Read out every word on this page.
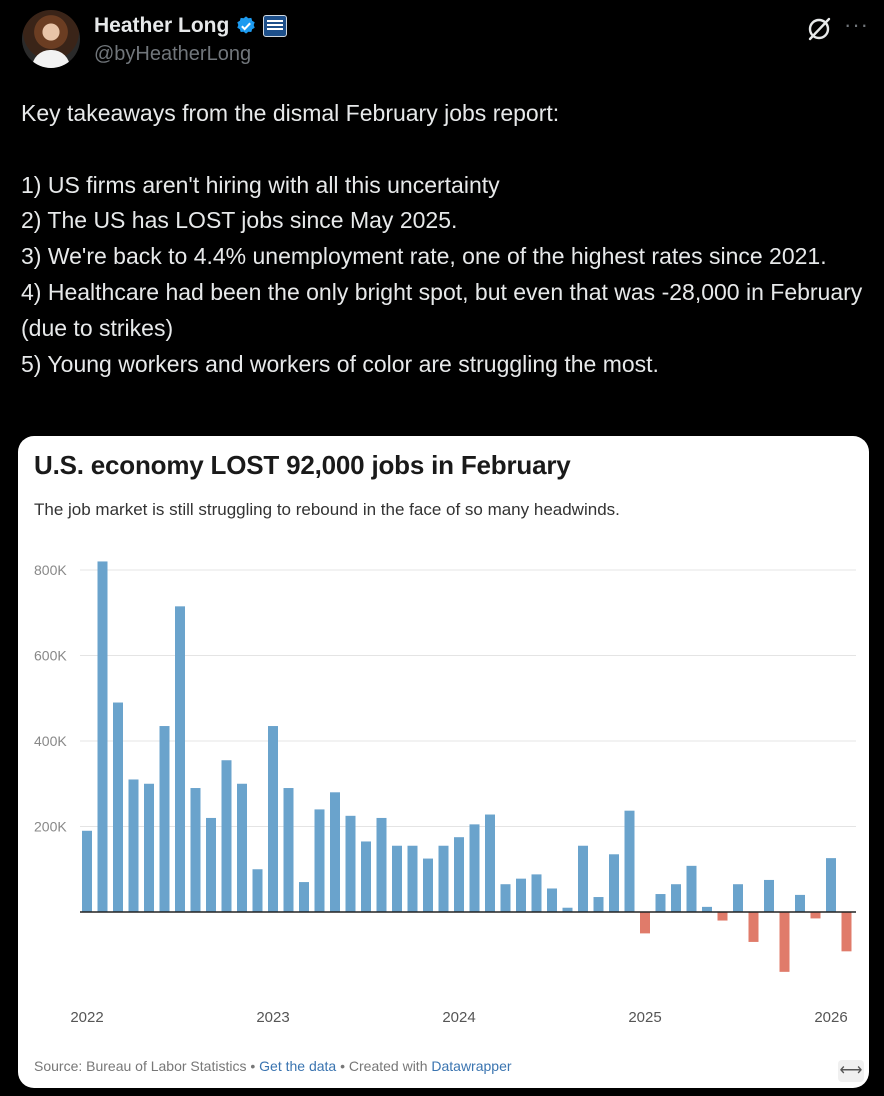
Heather Long
@byHeatherLong
···
Key takeaways from the dismal February jobs report:

1) US firms aren't hiring with all this uncertainty
2) The US has LOST jobs since May 2025.
3) We're back to 4.4% unemployment rate, one of the highest rates since 2021.
4) Healthcare had been the only bright spot, but even that was -28,000 in February (due to strikes)
5) Young workers and workers of color are struggling the most.
U.S. economy LOST 92,000 jobs in February
The job market is still struggling to rebound in the face of so many headwinds.
200K
400K
600K
800K
2022	2023	2024	2025	2026
Source: Bureau of Labor Statistics • Get the data • Created with Datawrapper	⟷
